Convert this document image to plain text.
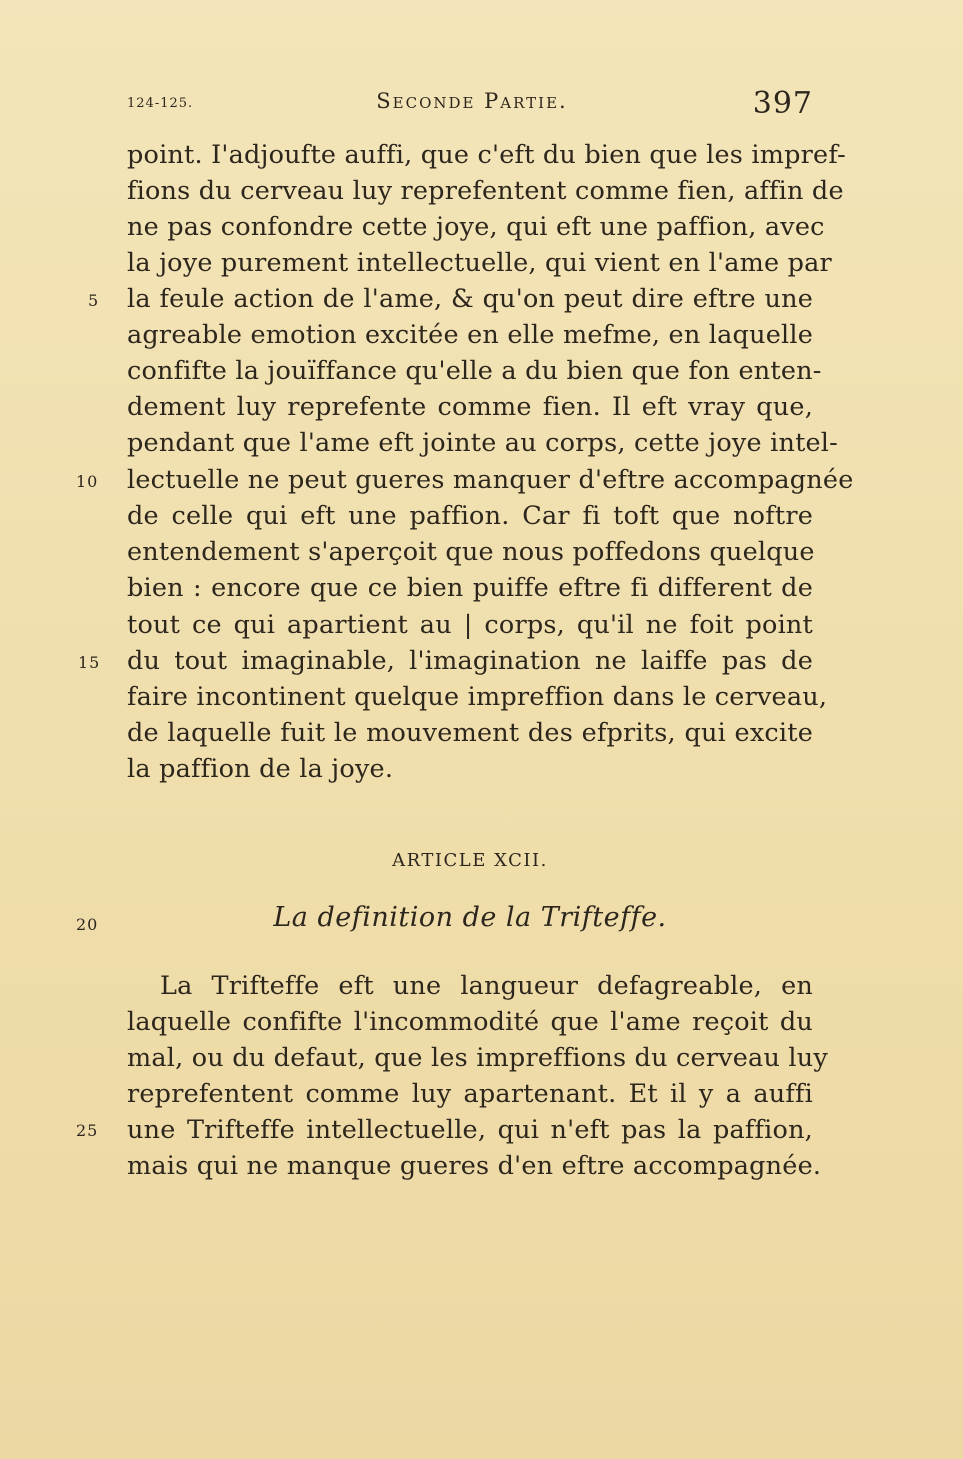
124-125.	Seconde Partie.	397
point. I'adjoufte auffi, que c'eft du bien que les impref-
fions du cerveau luy reprefentent comme fien, affin de
ne pas confondre cette joye, qui eft une paffion, avec
la joye purement intellectuelle, qui vient en l'ame par
la feule action de l'ame, & qu'on peut dire eftre une
agreable emotion excitée en elle mefme, en laquelle
confifte la jouïffance qu'elle a du bien que fon enten-
dement luy reprefente comme fien. Il eft vray que,
pendant que l'ame eft jointe au corps, cette joye intel-
lectuelle ne peut gueres manquer d'eftre accompagnée
de celle qui eft une paffion. Car fi toft que noftre
entendement s'aperçoit que nous poffedons quelque
bien : encore que ce bien puiffe eftre fi different de
tout ce qui apartient au | corps, qu'il ne foit point
du tout imaginable, l'imagination ne laiffe pas de
faire incontinent quelque impreffion dans le cerveau,
de laquelle fuit le mouvement des efprits, qui excite
la paffion de la joye.
5
10
15
20
25
ARTICLE XCII.
La definition de la Trifteffe.
La Trifteffe eft une langueur defagreable, en
laquelle confifte l'incommodité que l'ame reçoit du
mal, ou du defaut, que les impreffions du cerveau luy
reprefentent comme luy apartenant. Et il y a auffi
une Trifteffe intellectuelle, qui n'eft pas la paffion,
mais qui ne manque gueres d'en eftre accompagnée.
